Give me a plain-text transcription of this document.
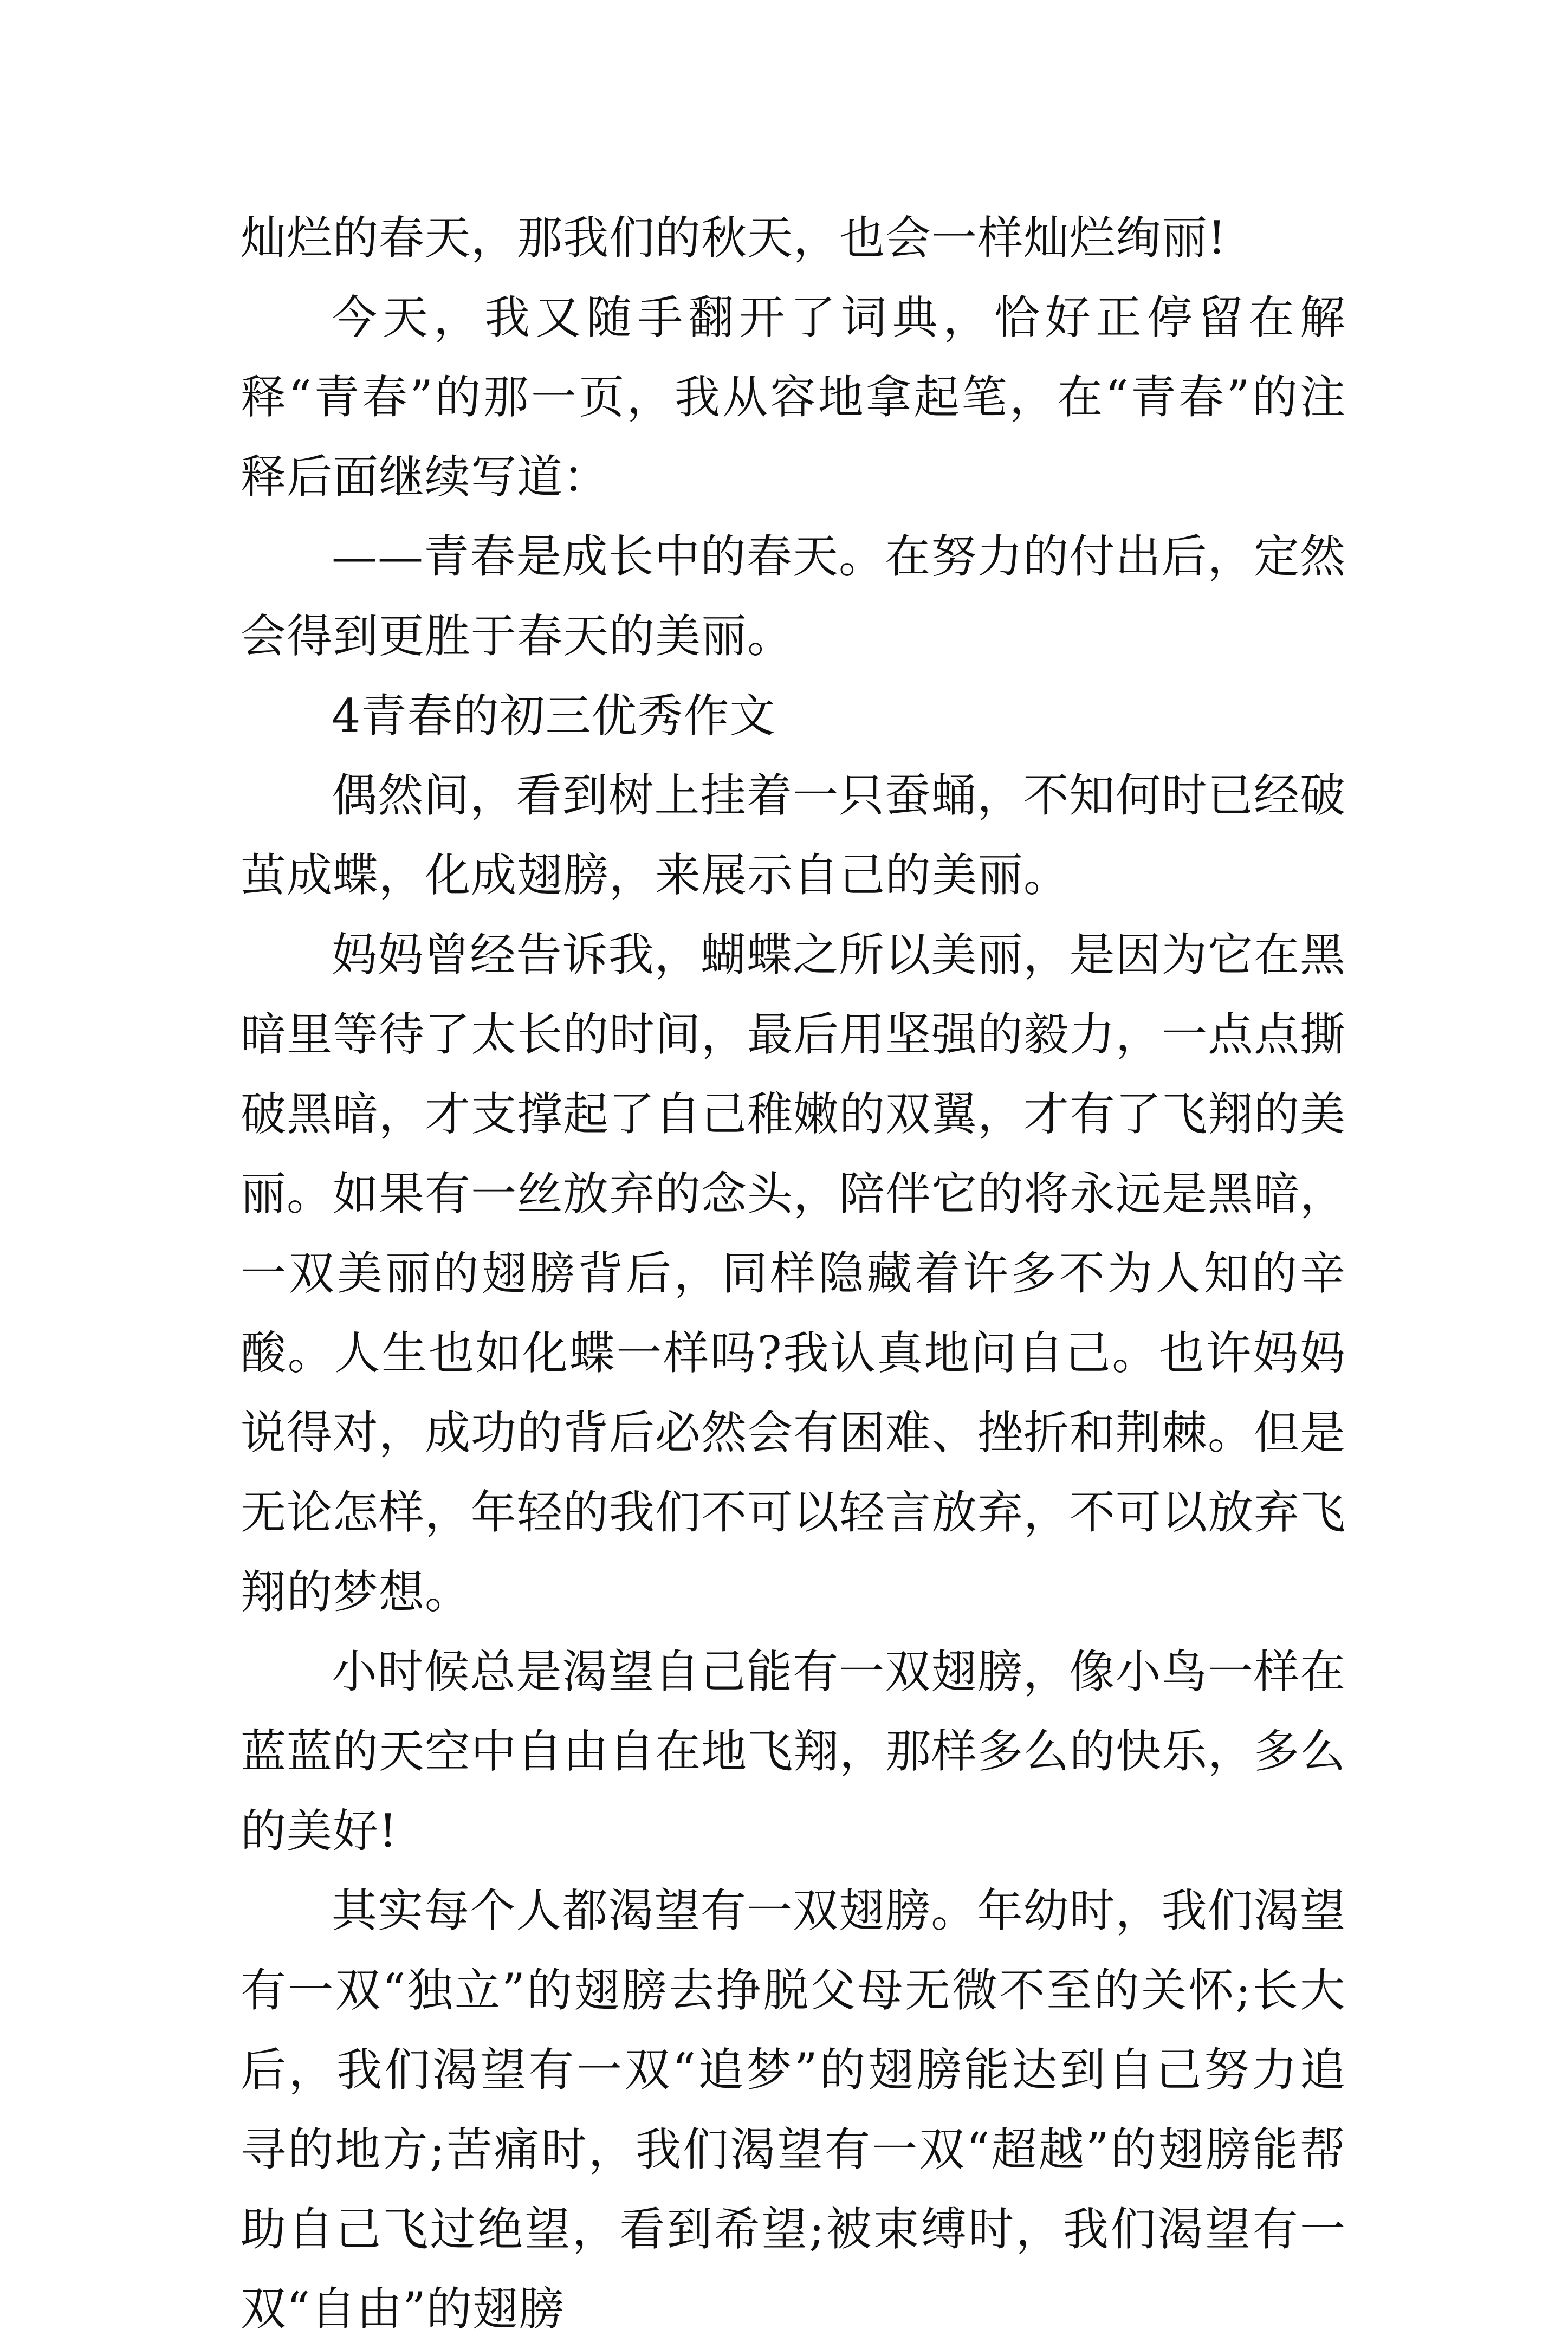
灿烂的春天，那我们的秋天，也会一样灿烂绚丽!

今天，我又随手翻开了词典，恰好正停留在解释“青春”的那一页，我从容地拿起笔，在“青春”的注释后面继续写道：

——青春是成长中的春天。在努力的付出后，定然会得到更胜于春天的美丽。

4青春的初三优秀作文

偶然间，看到树上挂着一只蚕蛹，不知何时已经破茧成蝶，化成翅膀，来展示自己的美丽。

妈妈曾经告诉我，蝴蝶之所以美丽，是因为它在黑暗里等待了太长的时间，最后用坚强的毅力，一点点撕破黑暗，才支撑起了自己稚嫩的双翼，才有了飞翔的美丽。如果有一丝放弃的念头，陪伴它的将永远是黑暗，一双美丽的翅膀背后，同样隐藏着许多不为人知的辛酸。人生也如化蝶一样吗?我认真地问自己。也许妈妈说得对，成功的背后必然会有困难、挫折和荆棘。但是无论怎样，年轻的我们不可以轻言放弃，不可以放弃飞翔的梦想。

小时候总是渴望自己能有一双翅膀，像小鸟一样在蓝蓝的天空中自由自在地飞翔，那样多么的快乐，多么的美好!

其实每个人都渴望有一双翅膀。年幼时，我们渴望有一双“独立”的翅膀去挣脱父母无微不至的关怀;长大后，我们渴望有一双“追梦”的翅膀能达到自己努力追寻的地方;苦痛时，我们渴望有一双“超越”的翅膀能帮助自己飞过绝望，看到希望;被束缚时，我们渴望有一双“自由”的翅膀
